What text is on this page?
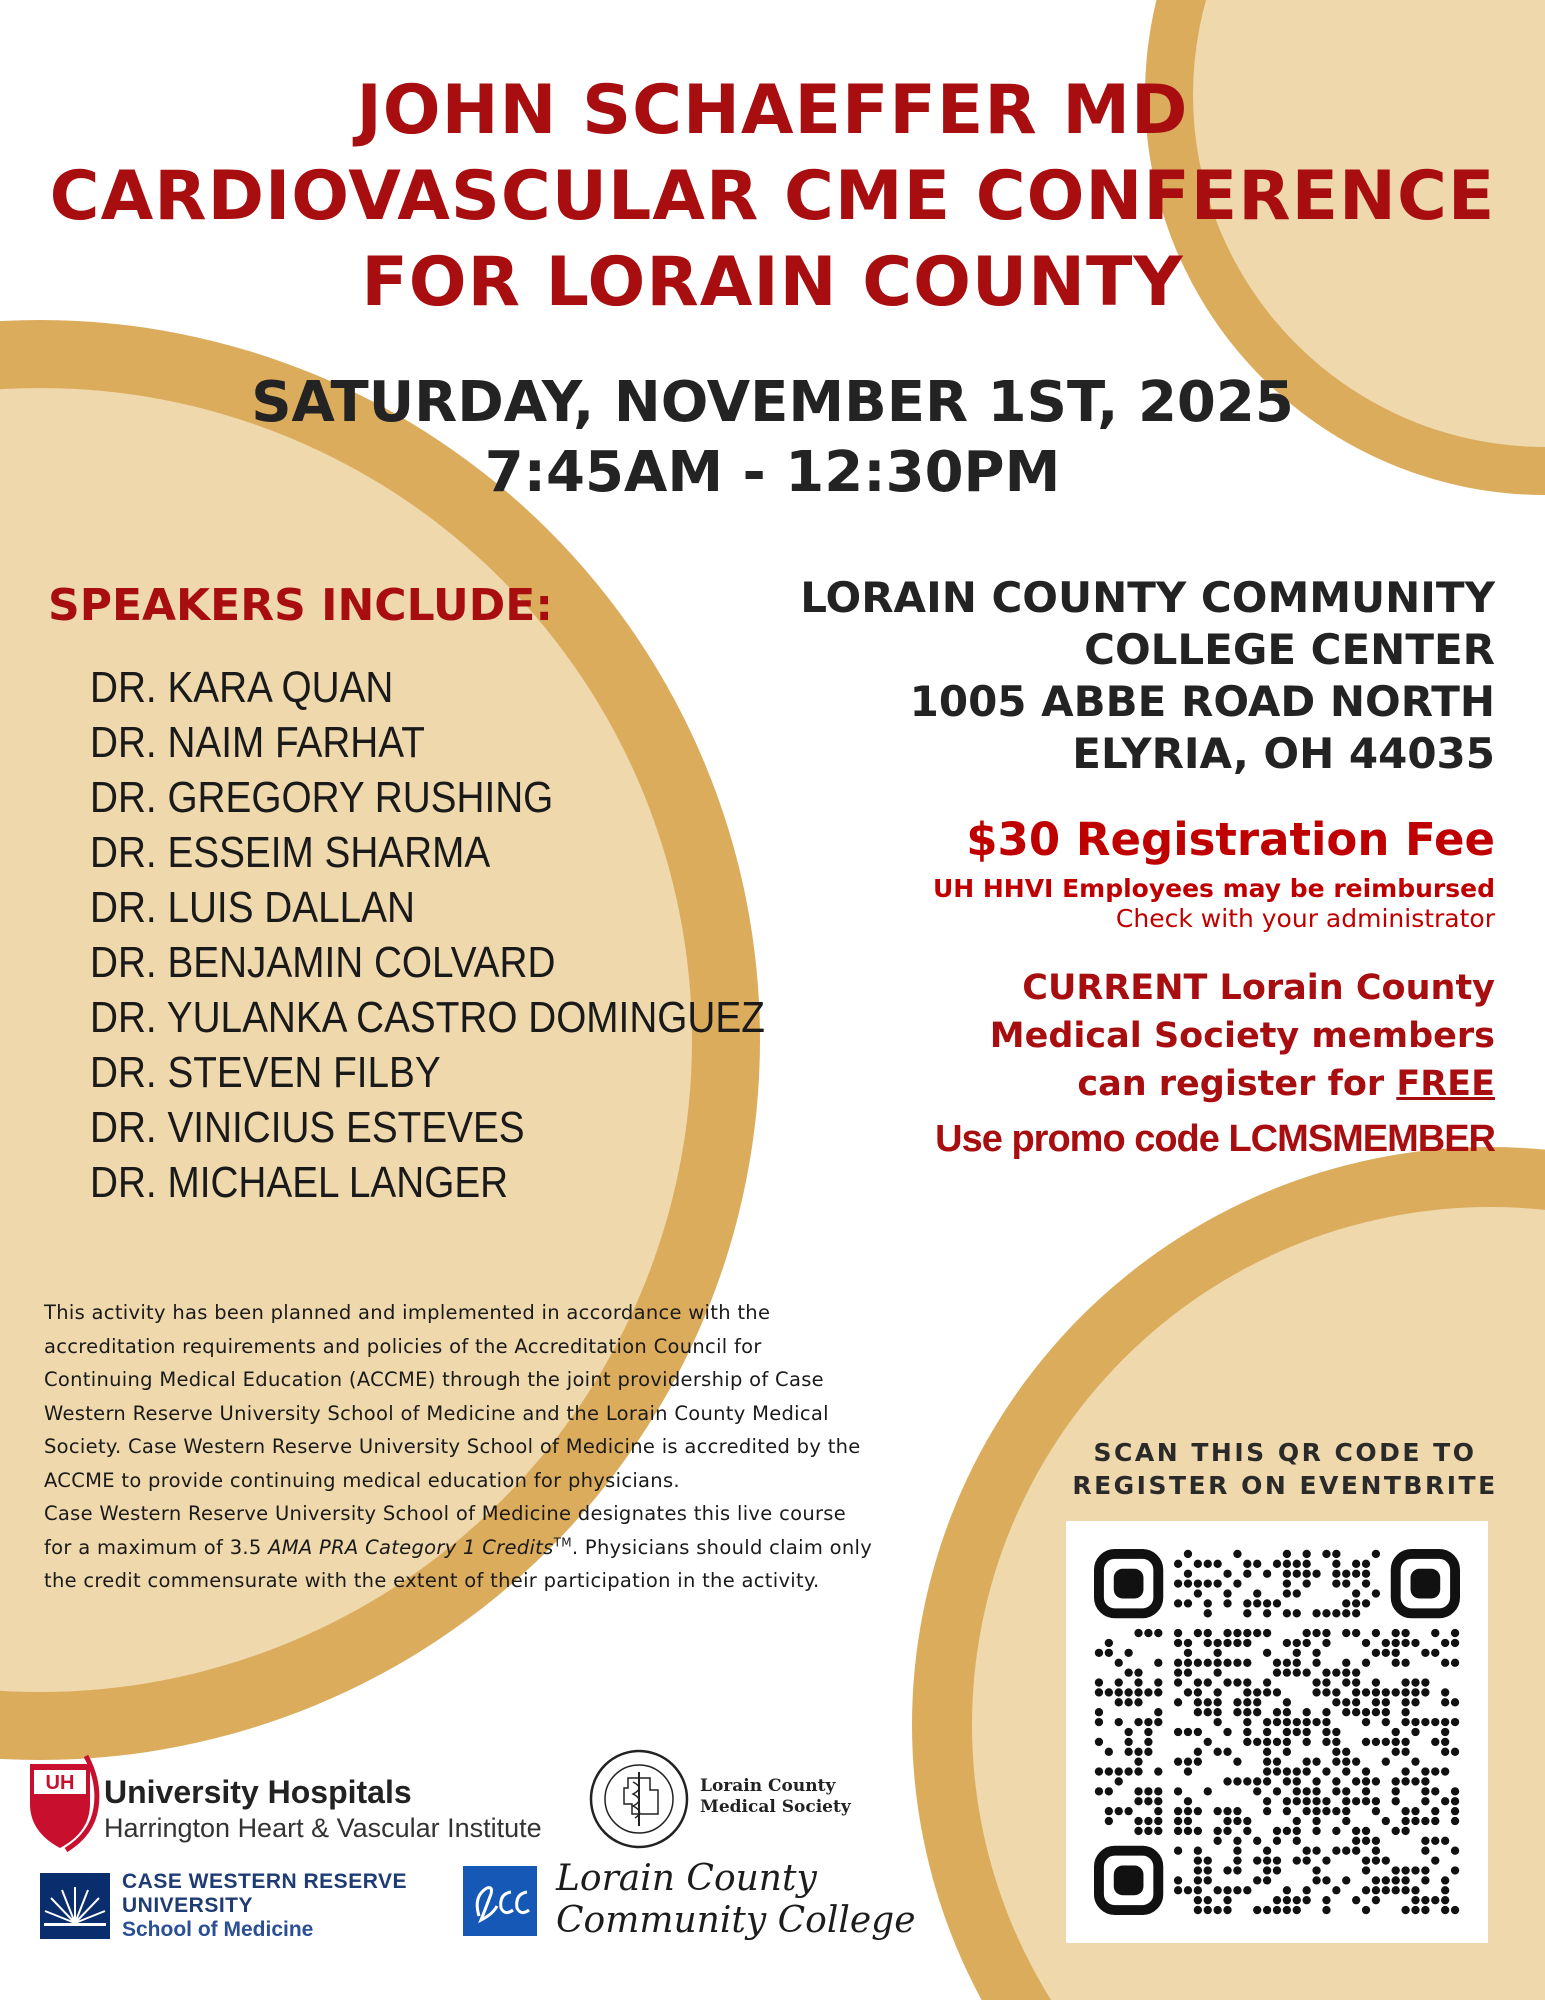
JOHN SCHAEFFER MD
CARDIOVASCULAR CME CONFERENCE
FOR LORAIN COUNTY
SATURDAY, NOVEMBER 1ST, 2025
7:45AM - 12:30PM
SPEAKERS INCLUDE:
DR. KARA QUAN
DR. NAIM FARHAT
DR. GREGORY RUSHING
DR. ESSEIM SHARMA
DR. LUIS DALLAN
DR. BENJAMIN COLVARD
DR. YULANKA CASTRO DOMINGUEZ
DR. STEVEN FILBY
DR. VINICIUS ESTEVES
DR. MICHAEL LANGER
LORAIN COUNTY COMMUNITY
COLLEGE CENTER
1005 ABBE ROAD NORTH
ELYRIA, OH 44035
$30 Registration Fee
UH HHVI Employees may be reimbursed
Check with your administrator
CURRENT Lorain County
Medical Society members
can register for FREE
Use promo code LCMSMEMBER

This activity has been planned and implemented in accordance with the accreditation requirements and policies of the Accreditation Council for Continuing Medical Education (ACCME) through the joint providership of Case Western Reserve University School of Medicine and the Lorain County Medical Society. Case Western Reserve University School of Medicine is accredited by the ACCME to provide continuing medical education for physicians.

Case Western Reserve University School of Medicine designates this live course for a maximum of 3.5 AMA PRA Category 1 Credits™. Physicians should claim only the credit commensurate with the extent of their participation in the activity.

SCAN THIS QR CODE TO
REGISTER ON EVENTBRITE
UH University Hospitals
Harrington Heart & Vascular Institute
Lorain County
Medical Society
CASE WESTERN RESERVE
UNIVERSITY
School of Medicine
Lorain County
Community College
